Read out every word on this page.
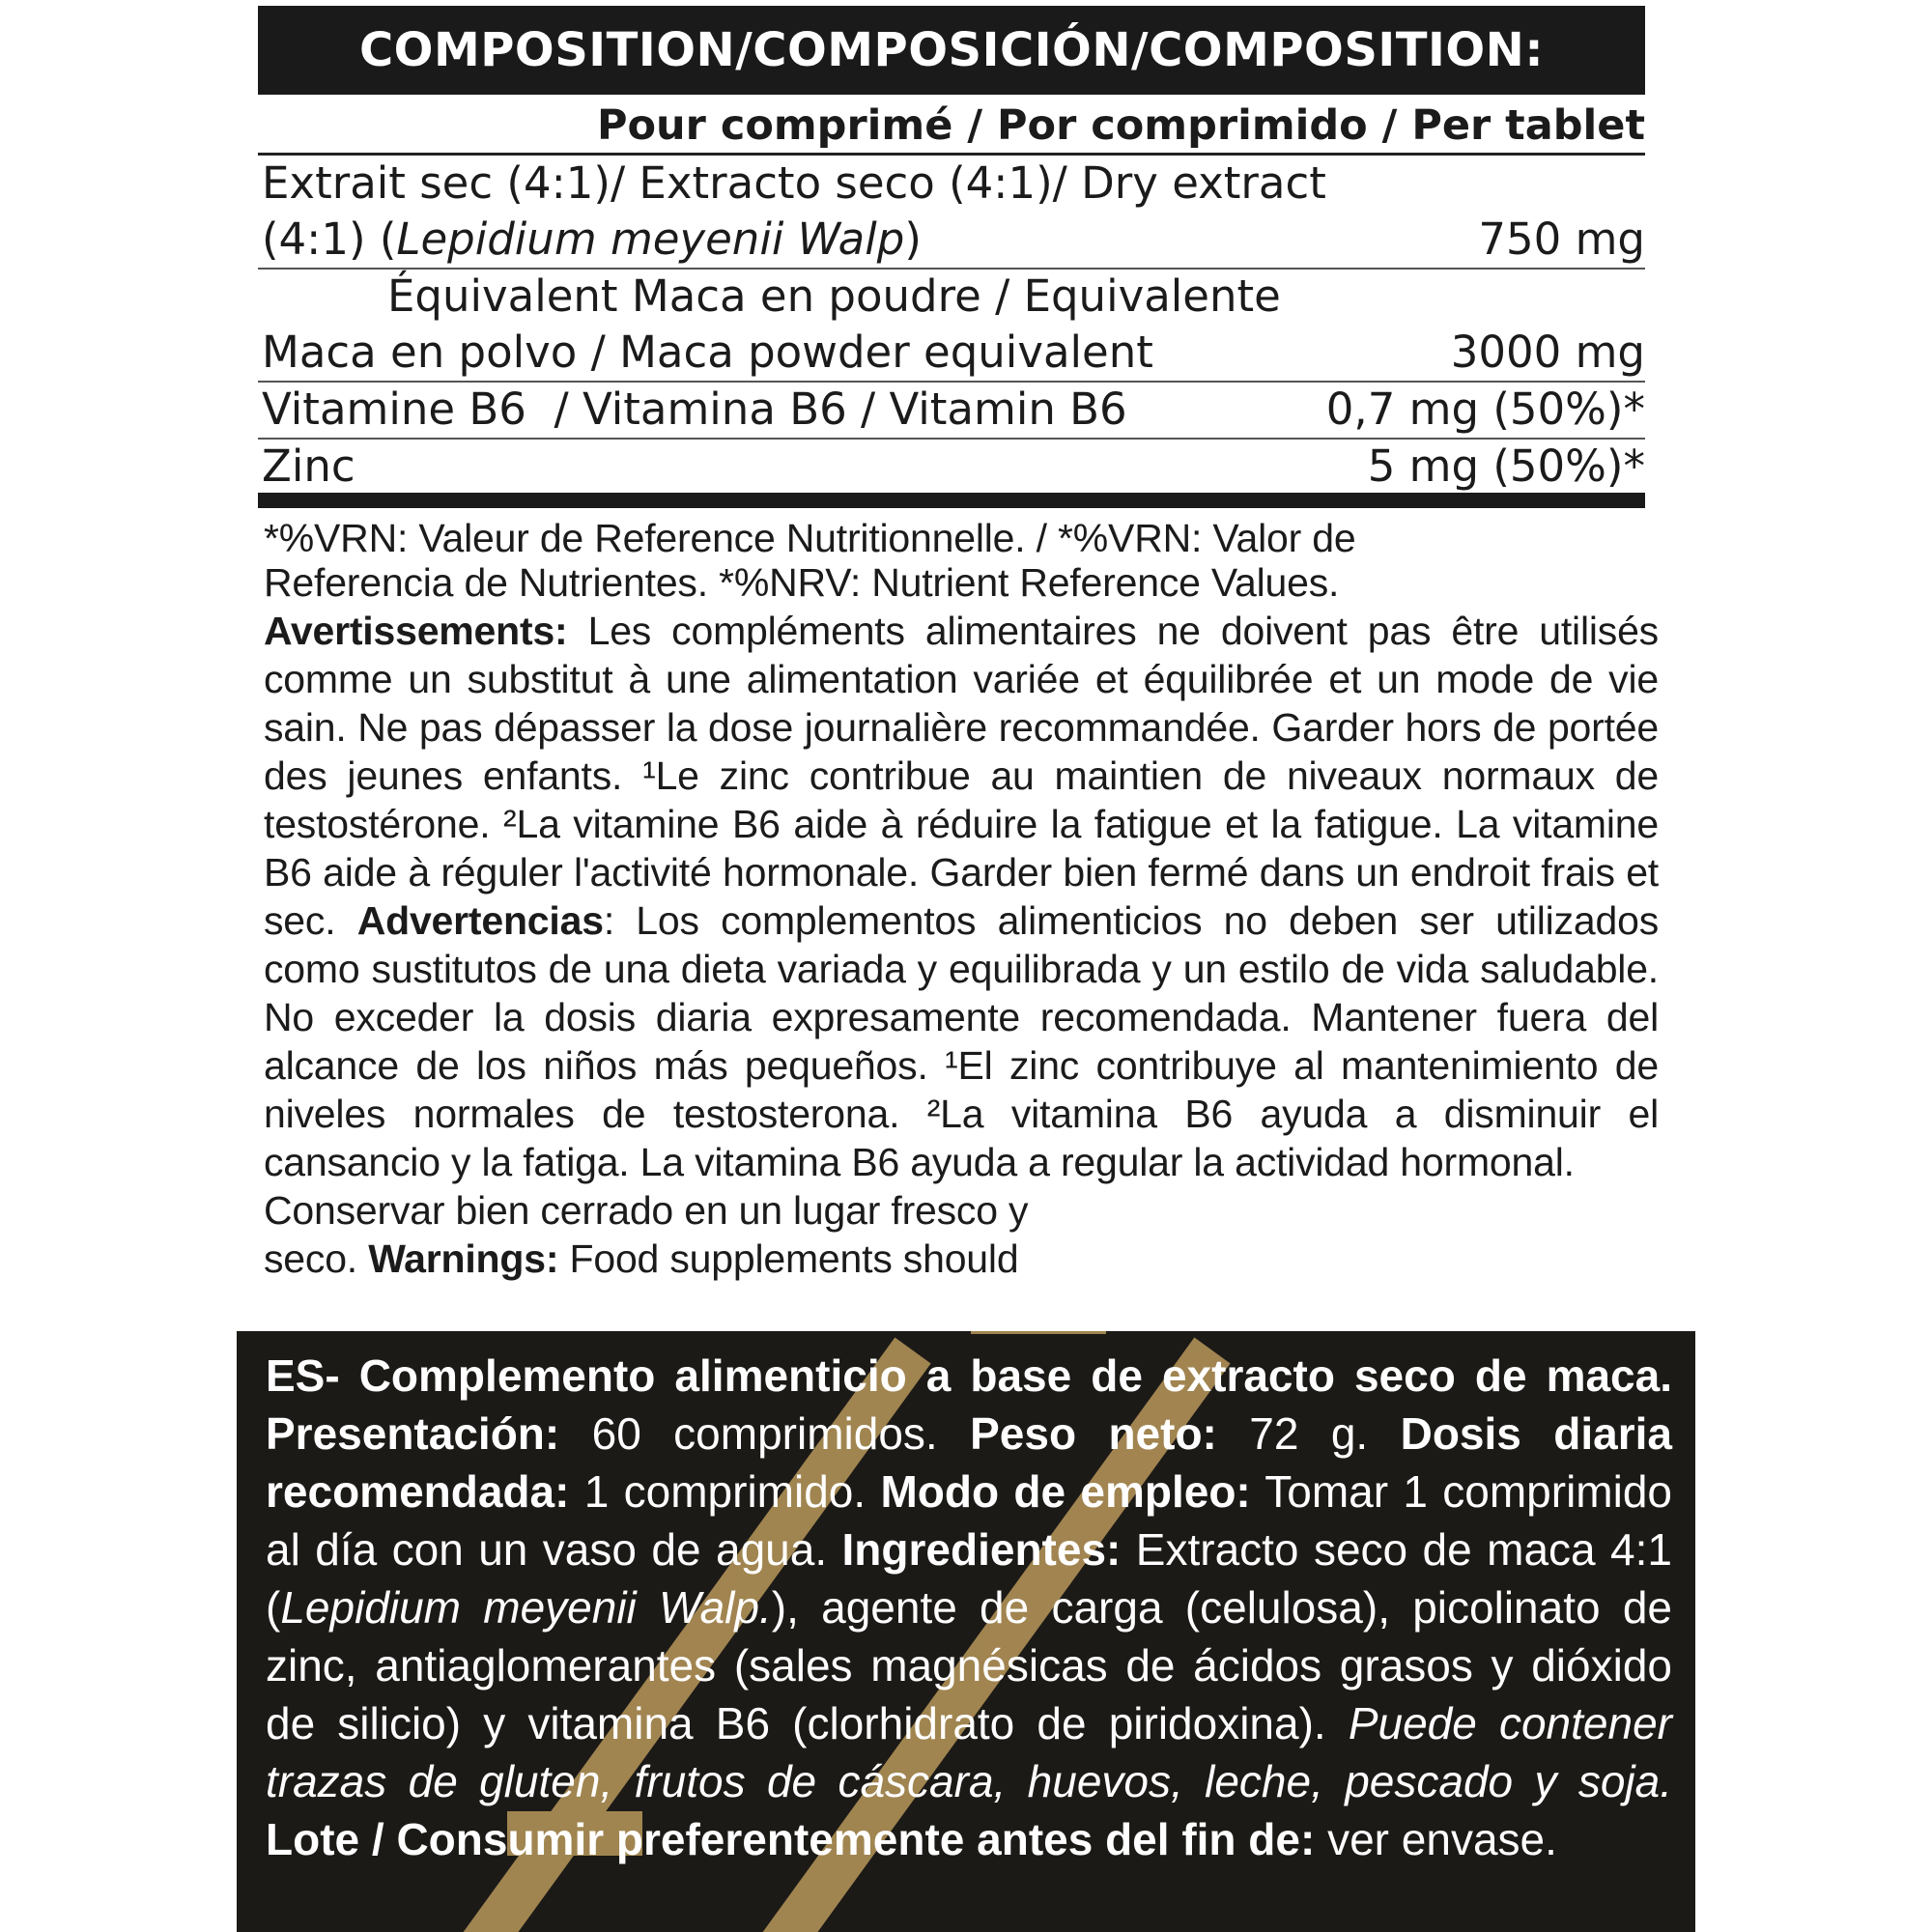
COMPOSITION/COMPOSICIÓN/COMPOSITION:
Pour comprimé / Por comprimido / Per tablet
Extrait sec (4:1)/ Extracto seco (4:1)/ Dry extract
(4:1) (Lepidium meyenii Walp)	750 mg
Équivalent Maca en poudre / Equivalente
Maca en polvo / Maca powder equivalent	3000 mg
Vitamine B6  / Vitamina B6 / Vitamin B6	0,7 mg (50%)*
Zinc	5 mg (50%)*

*%VRN: Valeur de Reference Nutritionnelle. / *%VRN: Valor de Referencia de Nutrientes. *%NRV: Nutrient Reference Values.

Avertissements: Les compléments alimentaires ne doivent pas être utilisés comme un substitut à une alimentation variée et équilibrée et un mode de vie sain. Ne pas dépasser la dose journalière recommandée. Garder hors de portée des jeunes enfants. ¹Le zinc contribue au maintien de niveaux normaux de testostérone. ²La vitamine B6 aide à réduire la fatigue et la fatigue. La vitamine B6 aide à réguler l'activité hormonale. Garder bien fermé dans un endroit frais et sec. Advertencias: Los complementos alimenticios no deben ser utilizados como sustitutos de una dieta variada y equilibrada y un estilo de vida saludable. No exceder la dosis diaria expresamente recomendada. Mantener fuera del alcance de los niños más pequeños. ¹El zinc contribuye al mantenimiento de niveles normales de testosterona. ²La vitamina B6 ayuda a disminuir el cansancio y la fatiga. La vitamina B6 ayuda a regular la actividad hormonal.

Conservar bien cerrado en un lugar fresco y

seco. Warnings: Food supplements should

ES- Complemento alimenticio a base de extracto seco de maca. Presentación: 60 comprimidos. Peso neto: 72 g. Dosis diaria recomendada: 1 comprimido. Modo de empleo: Tomar 1 comprimido al día con un vaso de agua. Ingredientes: Extracto seco de maca 4:1 (Lepidium meyenii Walp.), agente de carga (celulosa), picolinato de zinc, antiaglomerantes (sales magnésicas de ácidos grasos y dióxido de silicio) y vitamina B6 (clorhidrato de piridoxina). Puede contener trazas de gluten, frutos de cáscara, huevos, leche, pescado y soja. Lote / Consumir preferentemente antes del fin de: ver envase.
